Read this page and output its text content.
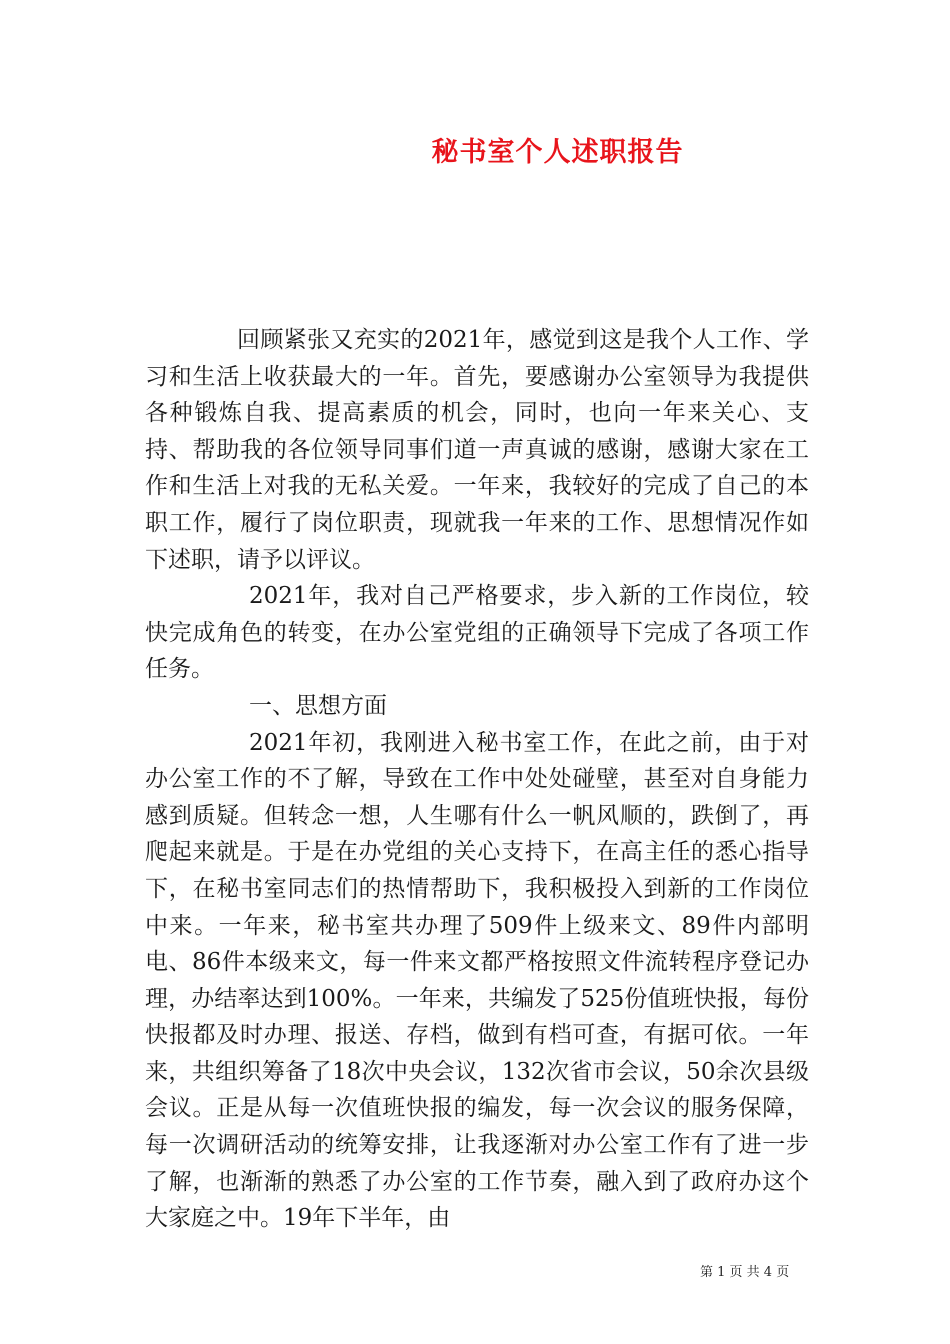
秘书室个人述职报告

回顾紧张又充实的2021年，感觉到这是我个人工作、学习和生活上收获最大的一年。首先，要感谢办公室领导为我提供各种锻炼自我、提高素质的机会，同时，也向一年来关心、支持、帮助我的各位领导同事们道一声真诚的感谢，感谢大家在工作和生活上对我的无私关爱。一年来，我较好的完成了自己的本职工作，履行了岗位职责，现就我一年来的工作、思想情况作如下述职，请予以评议。

2021年，我对自己严格要求，步入新的工作岗位，较快完成角色的转变，在办公室党组的正确领导下完成了各项工作任务。

一、思想方面

2021年初，我刚进入秘书室工作，在此之前，由于对办公室工作的不了解，导致在工作中处处碰壁，甚至对自身能力感到质疑。但转念一想，人生哪有什么一帆风顺的，跌倒了，再爬起来就是。于是在办党组的关心支持下，在高主任的悉心指导下，在秘书室同志们的热情帮助下，我积极投入到新的工作岗位中来。一年来，秘书室共办理了509件上级来文、89件内部明电、86件本级来文，每一件来文都严格按照文件流转程序登记办理，办结率达到100%。一年来，共编发了525份值班快报，每份快报都及时办理、报送、存档，做到有档可查，有据可依。一年来，共组织筹备了18次中央会议，132次省市会议，50余次县级会议。正是从每一次值班快报的编发，每一次会议的服务保障，每一次调研活动的统筹安排，让我逐渐对办公室工作有了进一步了解，也渐渐的熟悉了办公室的工作节奏，融入到了政府办这个大家庭之中。19年下半年，由

第 1 页 共 4 页
